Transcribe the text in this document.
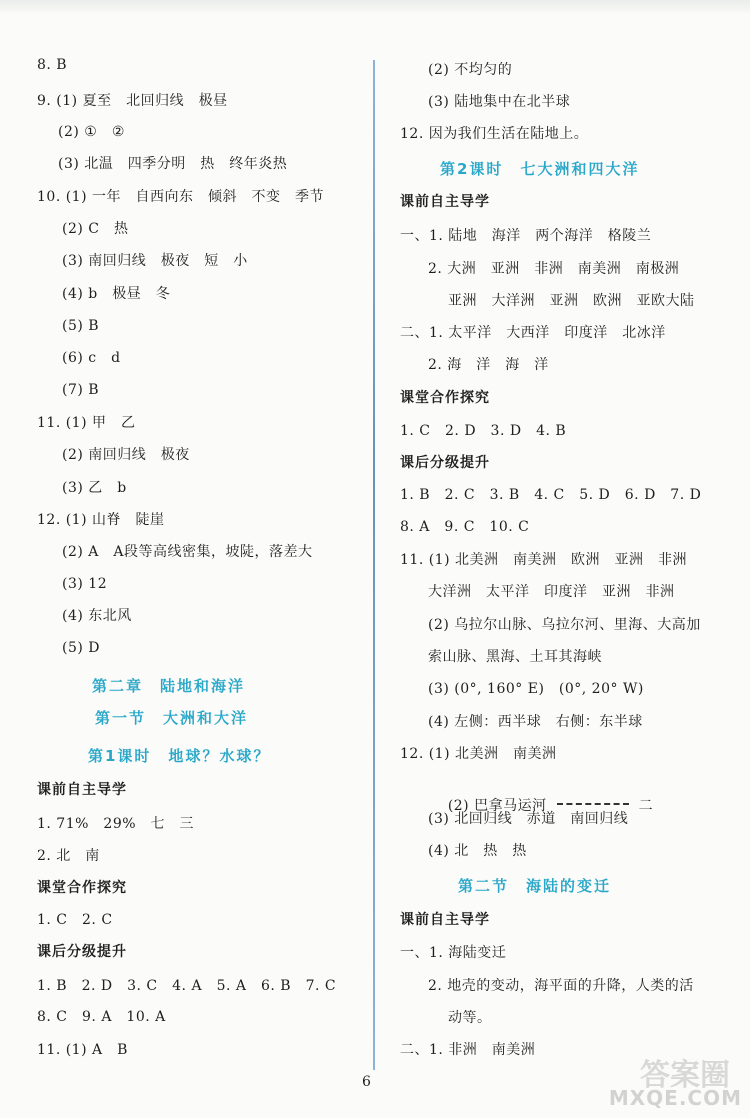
8. B
9. (1) 夏至　北回归线　极昼
(2) ①　②
(3) 北温　四季分明　热　终年炎热
10. (1) 一年　自西向东　倾斜　不变　季节
(2) C　热
(3) 南回归线　极夜　短　小
(4) b　极昼　冬
(5) B
(6) c　d
(7) B
11. (1) 甲　乙
(2) 南回归线　极夜
(3) 乙　b
12. (1) 山脊　陡崖
(2) A　A段等高线密集，坡陡，落差大
(3) 12
(4) 东北风
(5) D
第二章　陆地和海洋
第一节　大洲和大洋
第1课时　地球？水球？
课前自主导学
1. 71%　29%　七　三
2. 北　南
课堂合作探究
1. C　2. C
课后分级提升
1. B　2. D　3. C　4. A　5. A　6. B　7. C
8. C　9. A　10. A
11. (1) A　B
(2) 不均匀的
(3) 陆地集中在北半球
12. 因为我们生活在陆地上。
第2课时　七大洲和四大洋
课前自主导学
一、1. 陆地　海洋　两个海洋　格陵兰
2. 大洲　亚洲　非洲　南美洲　南极洲
亚洲　大洋洲　亚洲　欧洲　亚欧大陆
二、1. 太平洋　大西洋　印度洋　北冰洋
2. 海　洋　海　洋
课堂合作探究
1. C　2. D　3. D　4. B
课后分级提升
1. B　2. C　3. B　4. C　5. D　6. D　7. D
8. A　9. C　10. C
11. (1) 北美洲　南美洲　欧洲　亚洲　非洲
大洋洲　太平洋　印度洋　亚洲　非洲
(2) 乌拉尔山脉、乌拉尔河、里海、大高加
索山脉、黑海、土耳其海峡
(3) (0°, 160° E)　(0°, 20° W)
(4) 左侧：西半球　右侧：东半球
12. (1) 北美洲　南美洲

(2) 巴拿马运河	二

(3) 北回归线　赤道　南回归线
(4) 北　热　热
第二节　海陆的变迁
课前自主导学
一、1. 海陆变迁
2. 地壳的变动，海平面的升降，人类的活
动等。
二、1. 非洲　南美洲
6	答案圈
MXQE.COM
